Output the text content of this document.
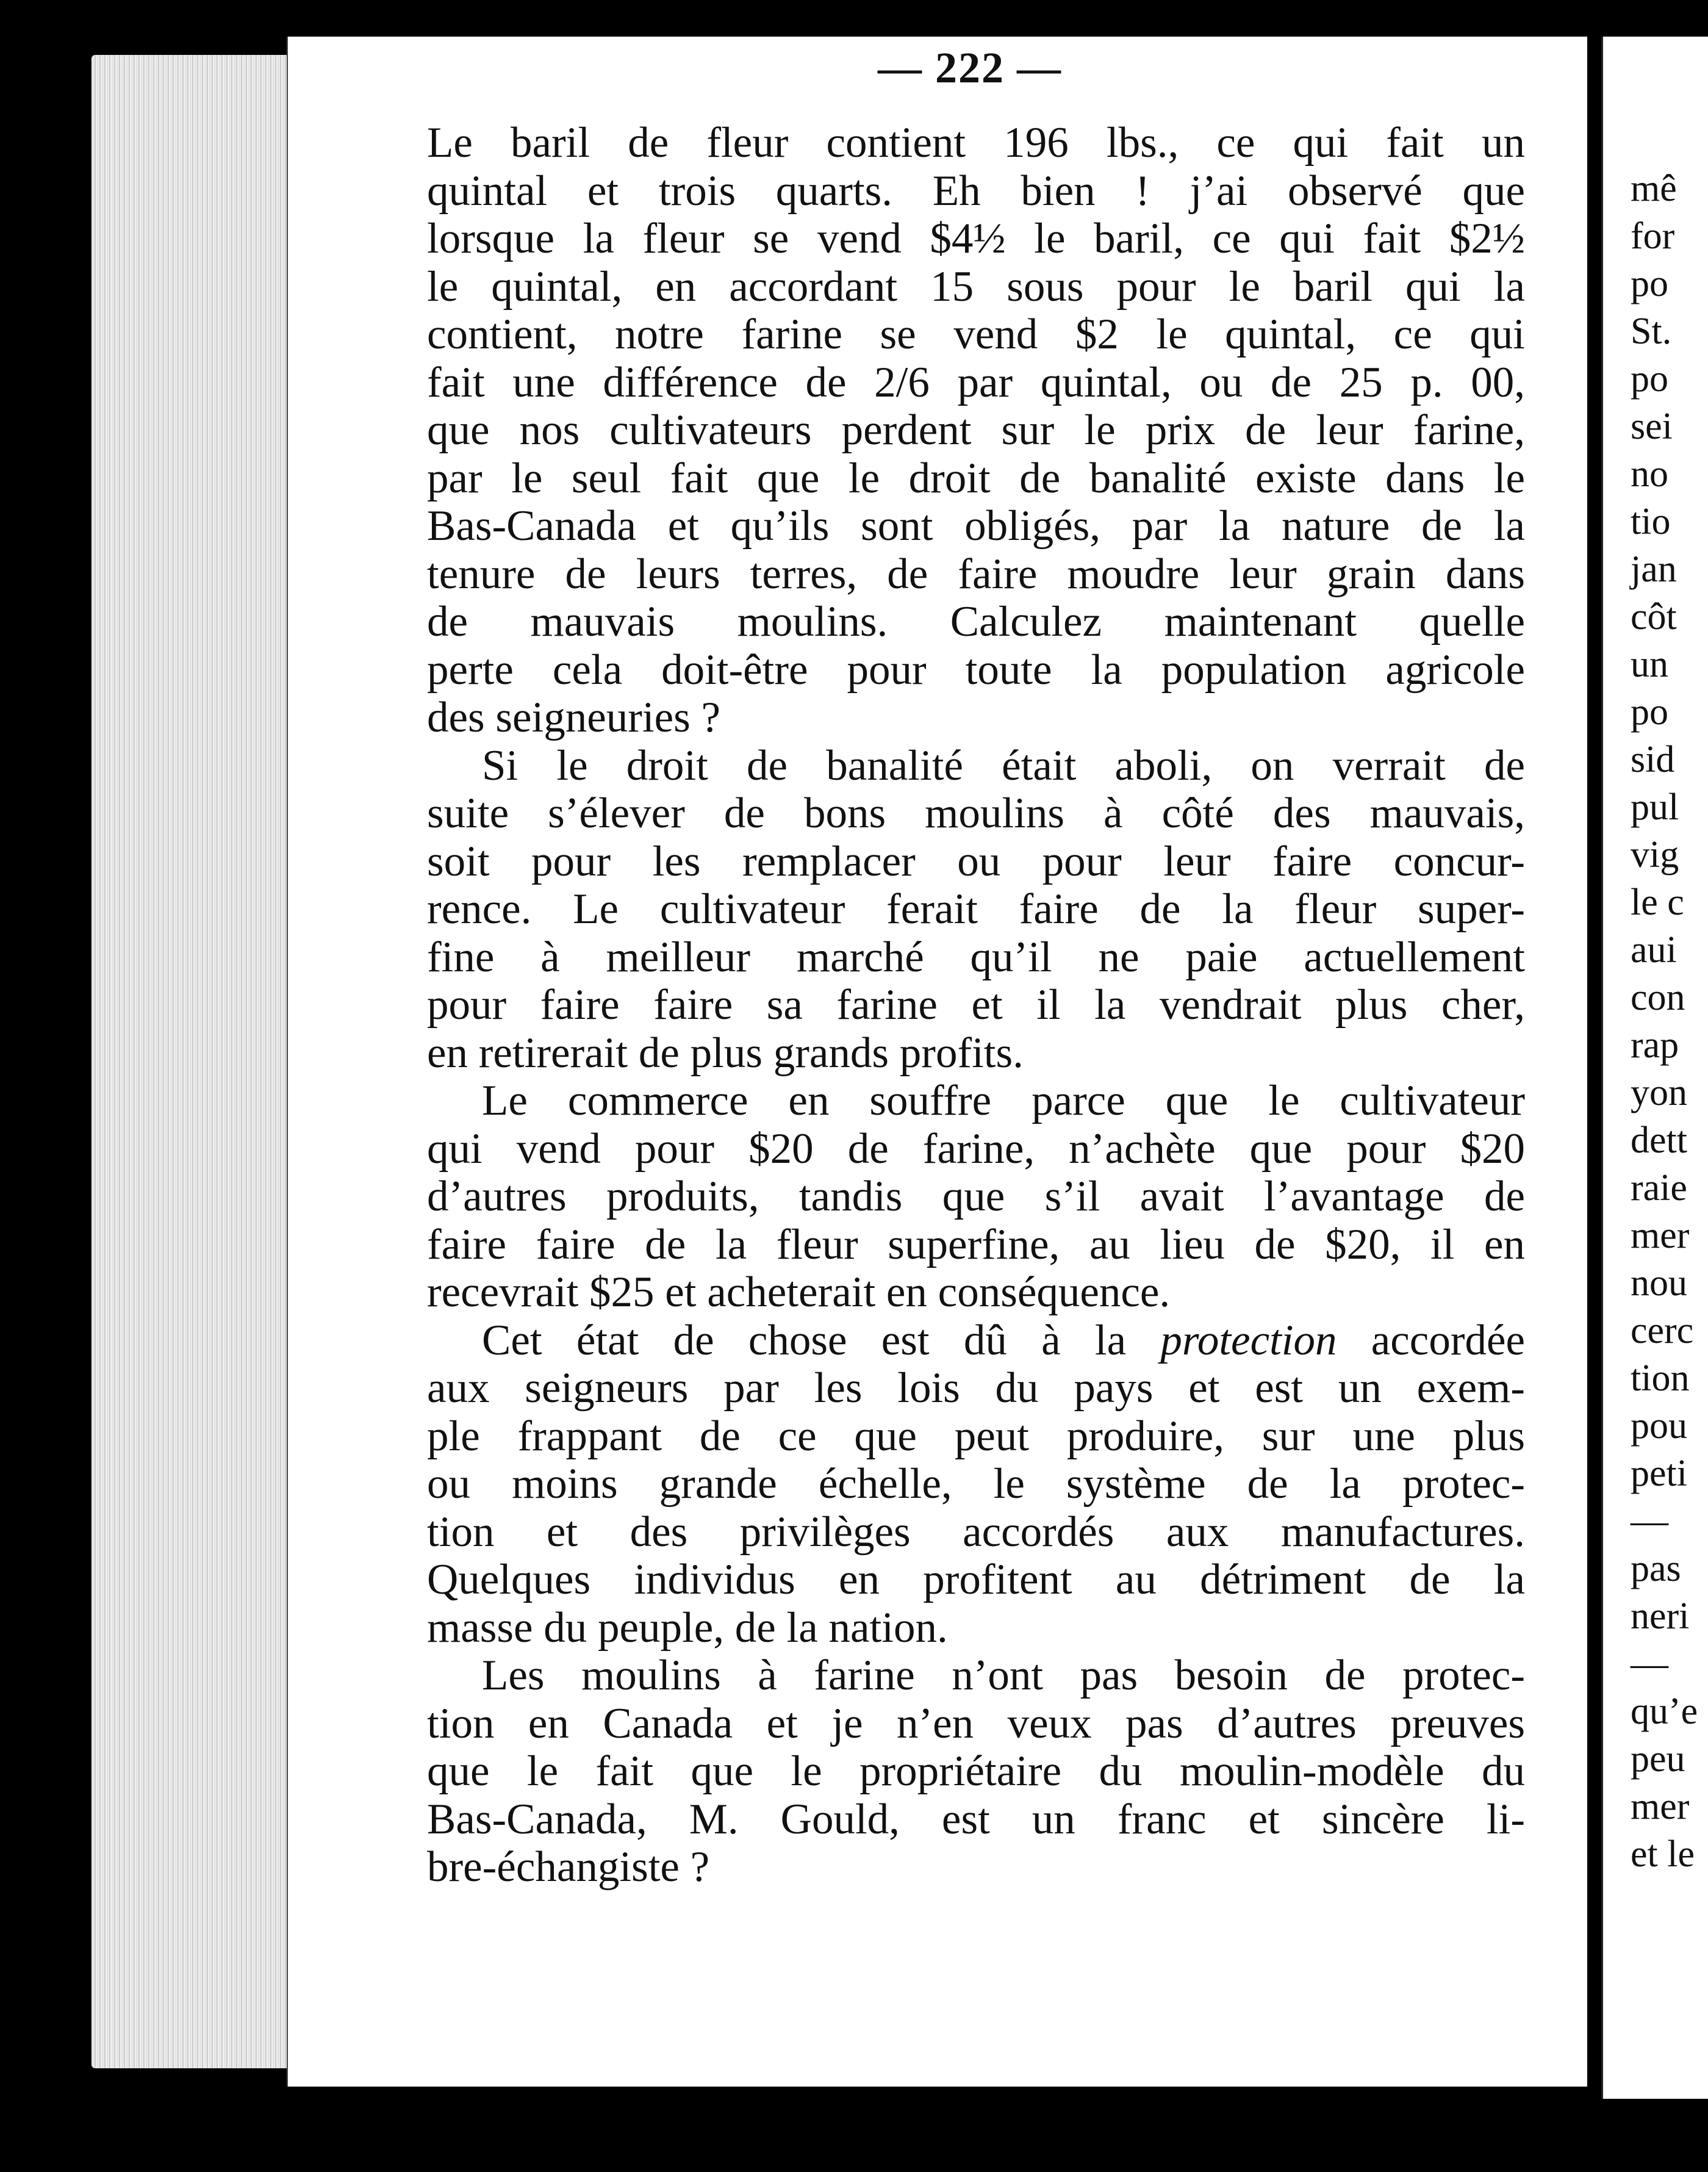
— 222 —

Le baril de fleur contient 196 lbs., ce qui fait un
quintal et trois quarts. Eh bien ! j’ai observé que
lorsque la fleur se vend $4½ le baril, ce qui fait $2½
le quintal, en accordant 15 sous pour le baril qui la
contient, notre farine se vend $2 le quintal, ce qui
fait une différence de 2/6 par quintal, ou de 25 p. 00,
que nos cultivateurs perdent sur le prix de leur farine,
par le seul fait que le droit de banalité existe dans le
Bas-Canada et qu’ils sont obligés, par la nature de la
tenure de leurs terres, de faire moudre leur grain dans
de mauvais moulins. Calculez maintenant quelle
perte cela doit-être pour toute la population agricole
des seigneuries ?

Si le droit de banalité était aboli, on verrait de
suite s’élever de bons moulins à côté des mauvais,
soit pour les remplacer ou pour leur faire concur-
rence. Le cultivateur ferait faire de la fleur super-
fine à meilleur marché qu’il ne paie actuellement
pour faire faire sa farine et il la vendrait plus cher,
en retirerait de plus grands profits.

Le commerce en souffre parce que le cultivateur
qui vend pour $20 de farine, n’achète que pour $20
d’autres produits, tandis que s’il avait l’avantage de
faire faire de la fleur superfine, au lieu de $20, il en
recevrait $25 et acheterait en conséquence.

Cet état de chose est dû à la protection accordée
aux seigneurs par les lois du pays et est un exem-
ple frappant de ce que peut produire, sur une plus
ou moins grande échelle, le système de la protec-
tion et des privilèges accordés aux manufactures.
Quelques individus en profitent au détriment de la
masse du peuple, de la nation.

Les moulins à farine n’ont pas besoin de protec-
tion en Canada et je n’en veux pas d’autres preuves
que le fait que le propriétaire du moulin-modèle du
Bas-Canada, M. Gould, est un franc et sincère li-
bre-échangiste ?

mê
for
po
St.
po
sei
no
tio
jan
côt
un
po
sid
pul
vig
le c
aui
con
rap
yon
dett
raie
mer
nou
cerc
tion
pou
peti
—
pas
neri
—
qu’e
peu
mer
et le
